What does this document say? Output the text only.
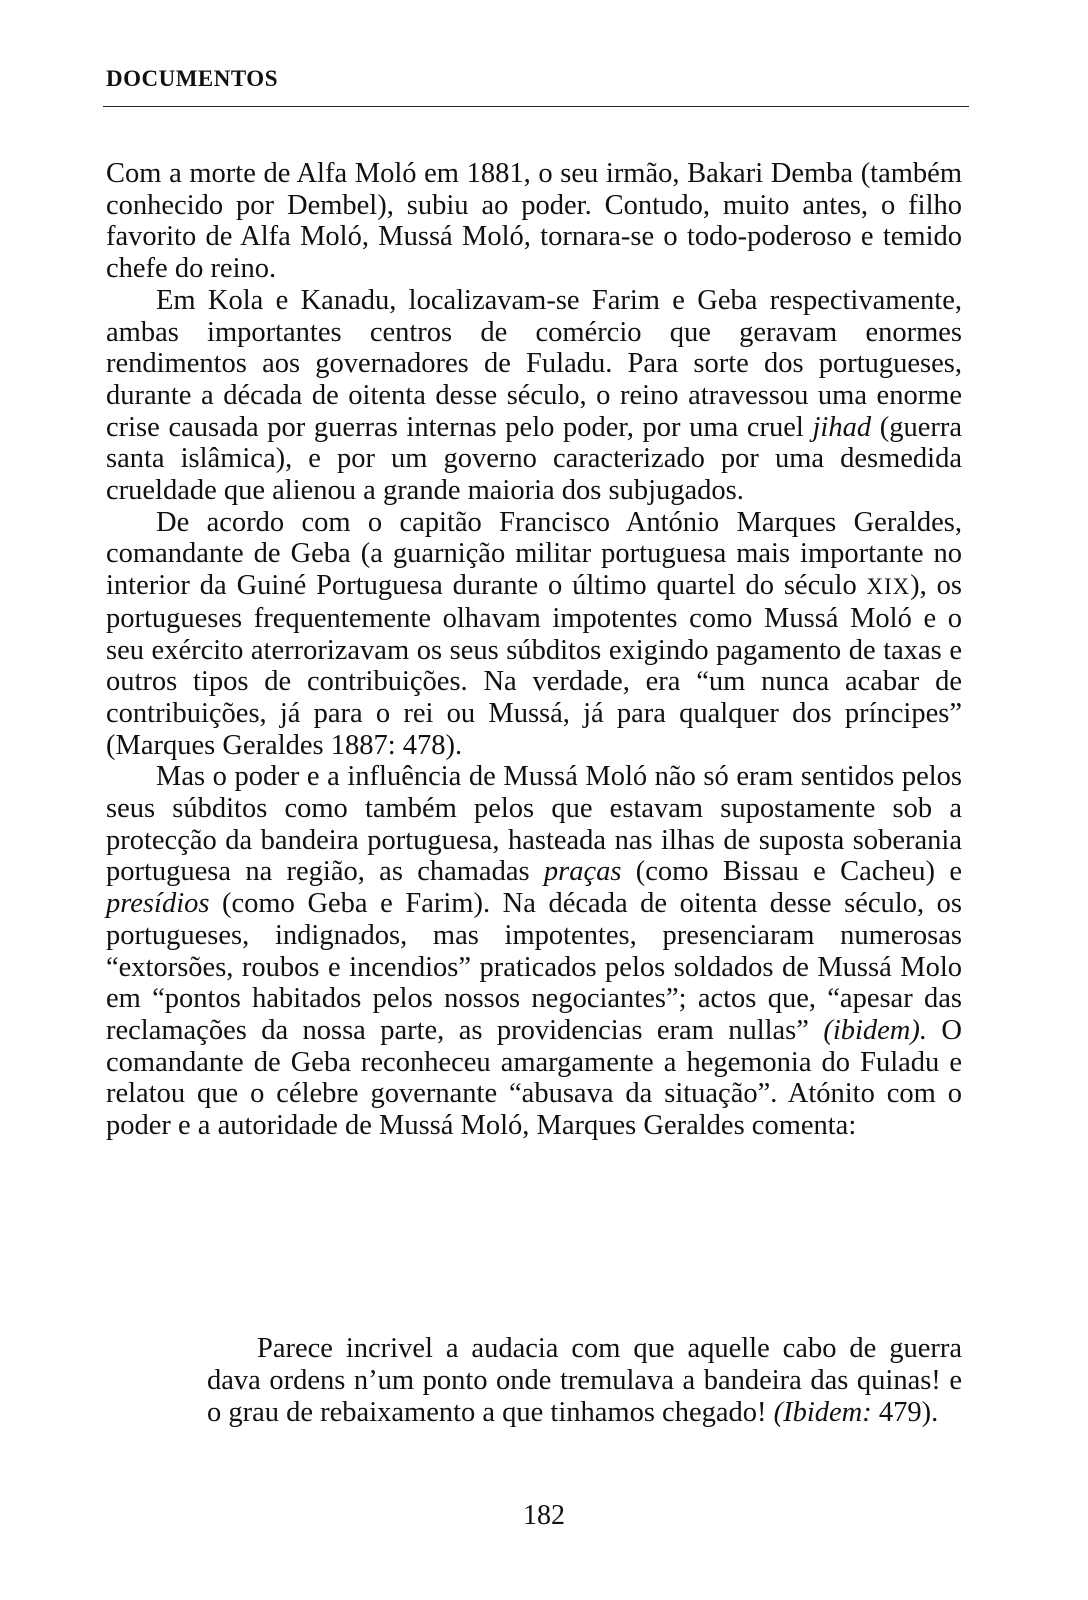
DOCUMENTOS

Com a morte de Alfa Moló em 1881, o seu irmão, Bakari Demba (também conhecido por Dembel), subiu ao poder. Contudo, muito antes, o filho favorito de Alfa Moló, Mussá Moló, tornara-se o todo-poderoso e temido chefe do reino.

Em Kola e Kanadu, localizavam-se Farim e Geba respectivamente, ambas importantes centros de comércio que geravam enormes rendimentos aos governadores de Fuladu. Para sorte dos portugueses, durante a década de oitenta desse século, o reino atravessou uma enorme crise causada por guerras internas pelo poder, por uma cruel jihad (guerra santa islâmica), e por um governo caracterizado por uma desmedida crueldade que alienou a grande maioria dos subjugados.

De acordo com o capitão Francisco António Marques Geraldes, comandante de Geba (a guarnição militar portuguesa mais importante no interior da Guiné Portuguesa durante o último quartel do século XIX), os portugueses frequentemente olhavam impotentes como Mussá Moló e o seu exército aterrorizavam os seus súbditos exigindo pagamento de taxas e outros tipos de contribuições. Na verdade, era “um nunca acabar de contribuições, já para o rei ou Mussá, já para qualquer dos príncipes” (Marques Geraldes 1887: 478).

Mas o poder e a influência de Mussá Moló não só eram sentidos pelos seus súbditos como também pelos que estavam supostamente sob a protecção da bandeira portuguesa, hasteada nas ilhas de suposta soberania portuguesa na região, as chamadas praças (como Bissau e Cacheu) e presídios (como Geba e Farim). Na década de oitenta desse século, os portugueses, indignados, mas impotentes, presenciaram numerosas “extorsões, roubos e incendios” praticados pelos soldados de Mussá Molo em “pontos habitados pelos nossos negociantes”; actos que, “apesar das reclamações da nossa parte, as providencias eram nullas” (ibidem). O comandante de Geba reconheceu amargamente a hegemonia do Fuladu e relatou que o célebre governante “abusava da situação”. Atónito com o poder e a autoridade de Mussá Moló, Marques Geraldes comenta:

Parece incrivel a audacia com que aquelle cabo de guerra dava ordens n’um ponto onde tremulava a bandeira das quinas! e o grau de rebaixamento a que tinhamos chegado! (Ibidem: 479).

182
